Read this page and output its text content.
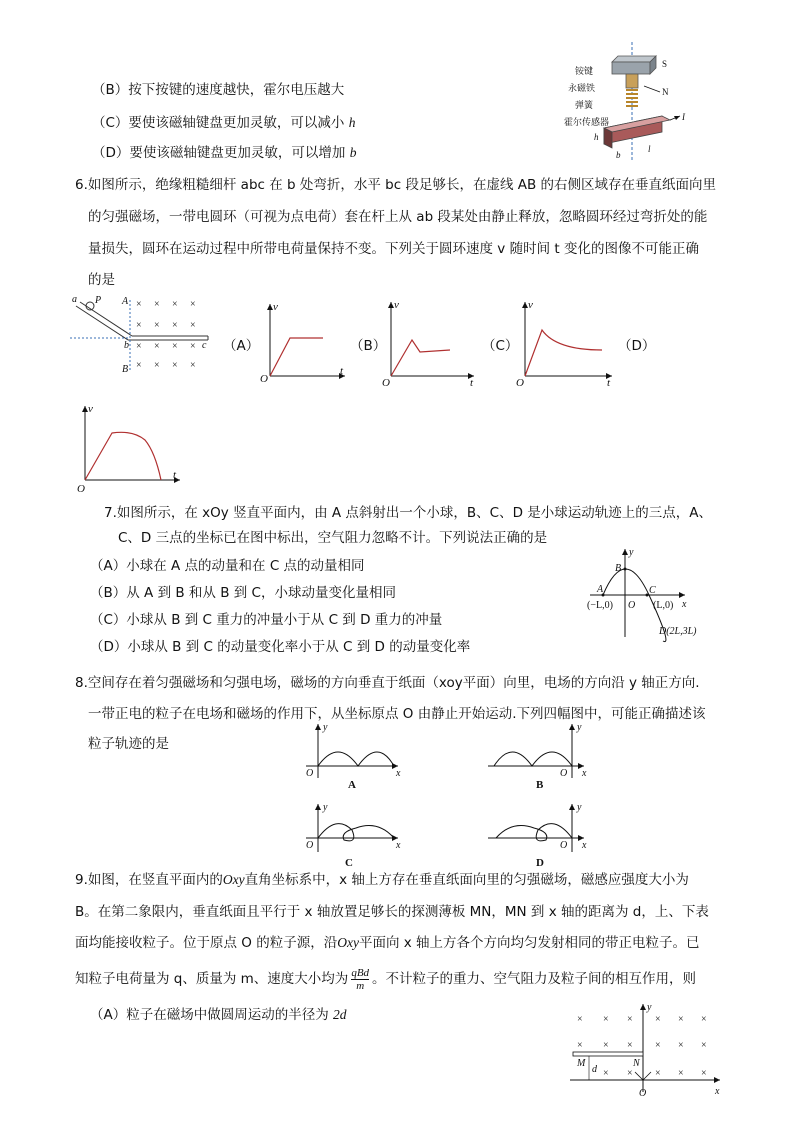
（B）按下按键的速度越快，霍尔电压越大
（C）要使该磁轴键盘更加灵敏，可以减小 h
（D）要使该磁轴键盘更加灵敏，可以增加 b
铵键
永磁铁
弹簧
霍尔传感器
S
N
I
h
b
l
6.如图所示，绝缘粗糙细杆 abc 在 b 处弯折，水平 bc 段足够长，在虚线 AB 的右侧区域存在垂直纸面向里
的匀强磁场，一带电圆环（可视为点电荷）套在杆上从 ab 段某处由静止释放，忽略圆环经过弯折处的能
量损失，圆环在运动过程中所带电荷量保持不变。下列关于圆环速度 v 随时间 t 变化的图像不可能正确
的是
a P A
b	c
B
× × × ×
× × × ×
× × × ×
× × × ×
（A）
v
t
O
（B）
v
t
O
（C）
v
t
O
（D）
v
t
O
7.如图所示，在 xOy 竖直平面内，由 A 点斜射出一个小球，B、C、D 是小球运动轨迹上的三点，A、
C、D 三点的坐标已在图中标出，空气阻力忽略不计。下列说法正确的是
（A）小球在 A 点的动量和在 C 点的动量相同
（B）从 A 到 B 和从 B 到 C，小球动量变化量相同
（C）小球从 B 到 C 重力的冲量小于从 C 到 D 重力的冲量
（D）小球从 B 到 C 的动量变化率小于从 C 到 D 的动量变化率
y
x
B
A	C
O
(−L,0)	(L,0)
D(2L,3L)
8.空间存在着匀强磁场和匀强电场，磁场的方向垂直于纸面（xoy平面）向里，电场的方向沿 y 轴正方向.
一带正电的粒子在电场和磁场的作用下，从坐标原点 O 由静止开始运动.下列四幅图中，可能正确描述该
粒子轨迹的是
y
x
O
A
y
x
O
B
y
x
O
C
y
x
O
D
9.如图，在竖直平面内的Oxy直角坐标系中，x 轴上方存在垂直纸面向里的匀强磁场，磁感应强度大小为
B。在第二象限内，垂直纸面且平行于 x 轴放置足够长的探测薄板 MN，MN 到 x 轴的距离为 d，上、下表
面均能接收粒子。位于原点 O 的粒子源，沿Oxy平面向 x 轴上方各个方向均匀发射相同的带正电粒子。已
知粒子电荷量为 q、质量为 m、速度大小均为 qBd
m 。不计粒子的重力、空气阻力及粒子间的相互作用，则
（A）粒子在磁场中做圆周运动的半径为 2d	× × × × × ×
× × × × × ×
× × × × ×
y
x
M	N
d
O
